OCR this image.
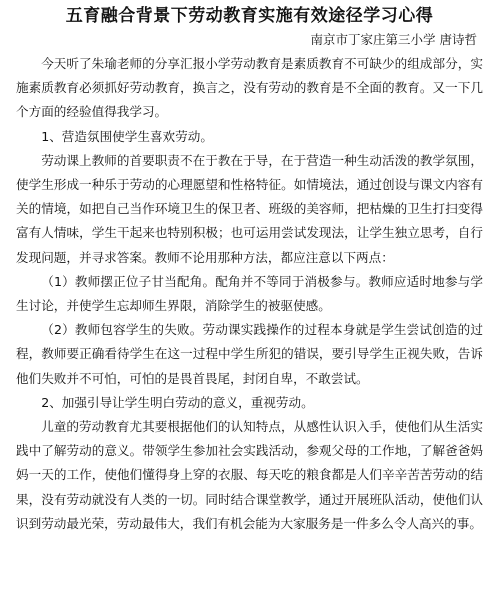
五育融合背景下劳动教育实施有效途径学习心得
南京市丁家庄第三小学 唐诗哲

今天听了朱瑜老师的分享汇报小学劳动教育是素质教育不可缺少的组成部分，实施素质教育必须抓好劳动教育，换言之，没有劳动的教育是不全面的教育。又一下几个方面的经验值得我学习。

1、营造氛围使学生喜欢劳动。

劳动课上教师的首要职责不在于教在于导，在于营造一种生动活泼的教学氛围，使学生形成一种乐于劳动的心理愿望和性格特征。如情境法，通过创设与课文内容有关的情境，如把自己当作环境卫生的保卫者、班级的美容师，把枯燥的卫生打扫变得富有人情味，学生干起来也特别积极；也可运用尝试发现法，让学生独立思考，自行发现问题，并寻求答案。教师不论用那种方法，都应注意以下两点：

（1）教师摆正位子甘当配角。配角并不等同于消极参与。教师应适时地参与学生讨论，并使学生忘却师生界限，消除学生的被驱使感。

（2）教师包容学生的失败。劳动课实践操作的过程本身就是学生尝试创造的过程，教师要正确看待学生在这一过程中学生所犯的错误，要引导学生正视失败，告诉他们失败并不可怕，可怕的是畏首畏尾，封闭自卑，不敢尝试。

2、加强引导让学生明白劳动的意义，重视劳动。

儿童的劳动教育尤其要根据他们的认知特点，从感性认识入手，使他们从生活实践中了解劳动的意义。带领学生参加社会实践活动，参观父母的工作地，了解爸爸妈妈一天的工作，使他们懂得身上穿的衣服、每天吃的粮食都是人们辛辛苦苦劳动的结果，没有劳动就没有人类的一切。同时结合课堂教学，通过开展班队活动，使他们认识到劳动最光荣，劳动最伟大，我们有机会能为大家服务是一件多么令人高兴的事。
